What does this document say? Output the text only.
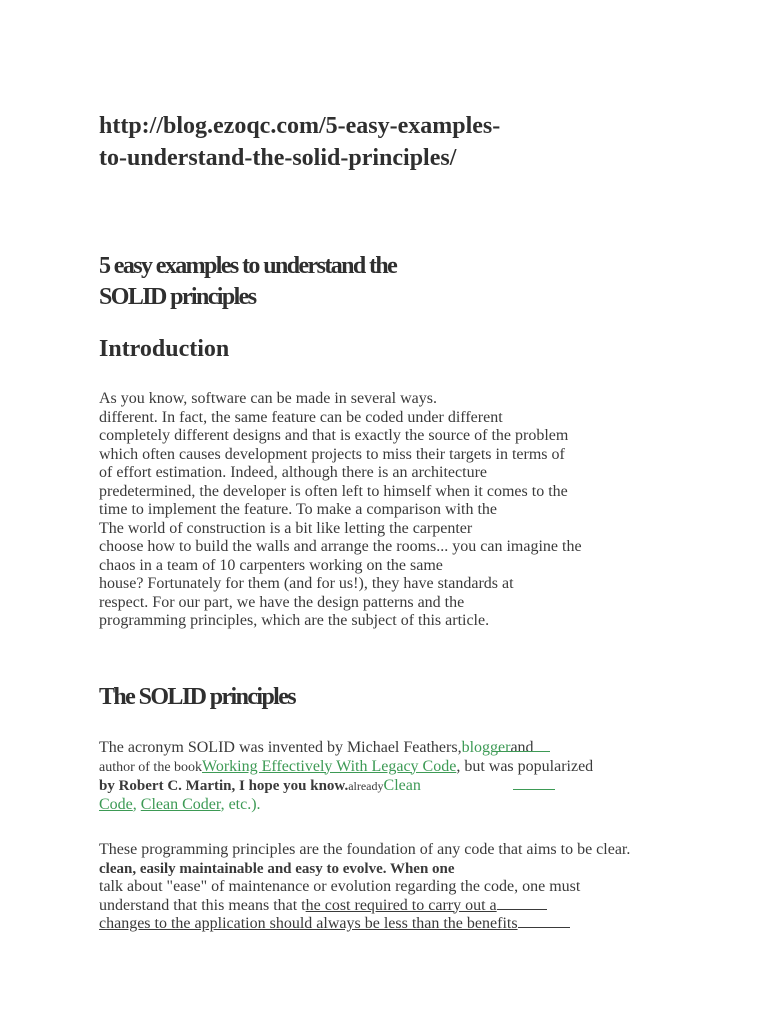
http://blog.ezoqc.com/5-easy-examples-
to-understand-the-solid-principles/
5 easy examples to understand the
SOLID principles
Introduction
As you know, software can be made in several ways.
different. In fact, the same feature can be coded under different
completely different designs and that is exactly the source of the problem
which often causes development projects to miss their targets in terms of
of effort estimation. Indeed, although there is an architecture
predetermined, the developer is often left to himself when it comes to the
time to implement the feature. To make a comparison with the
The world of construction is a bit like letting the carpenter
choose how to build the walls and arrange the rooms... you can imagine the
chaos in a team of 10 carpenters working on the same
house? Fortunately for them (and for us!), they have standards at
respect. For our part, we have the design patterns and the
programming principles, which are the subject of this article.
The SOLID principles
The acronym SOLID was invented by Michael Feathers,bloggerand
author of the bookWorking Effectively With Legacy Code, but was popularized
by Robert C. Martin, I hope you know.alreadyClean
Code, Clean Coder, etc.).
These programming principles are the foundation of any code that aims to be clear.
clean, easily maintainable and easy to evolve. When one
talk about "ease" of maintenance or evolution regarding the code, one must
understand that this means that the cost required to carry out a
changes to the application should always be less than the benefits
